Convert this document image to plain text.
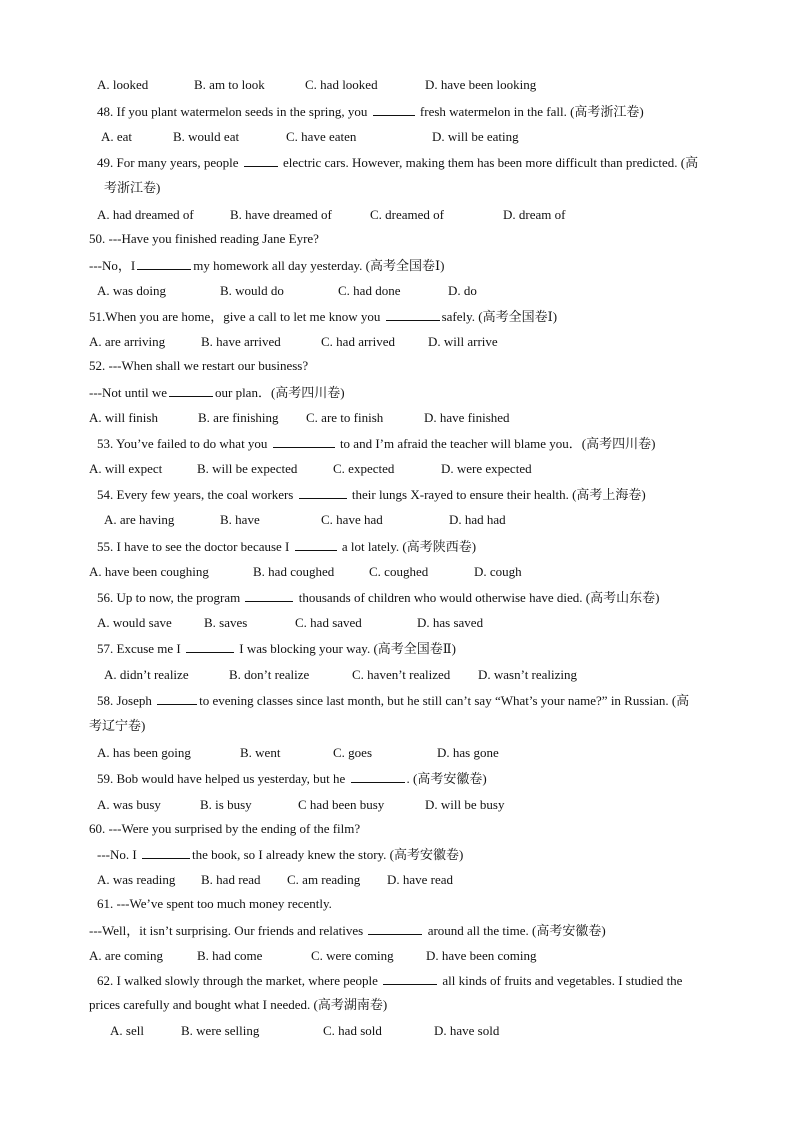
A. looked	B. am to look	C. had looked	D. have been looking
48. If you plant watermelon seeds in the spring, you	fresh watermelon in the fall. (高考浙江卷)
A. eat	B. would eat	C. have eaten	D. will be eating
49. For many years, people	electric cars. However, making them has been more difficult than predicted. (高
考浙江卷)
A. had dreamed of	B. have dreamed of	C. dreamed of	D. dream of
50. ---Have you finished reading Jane Eyre?
---No，I	my homework all day yesterday. (高考全国卷Ⅰ)
A. was doing	B. would do	C. had done	D. do
51.When you are home，give a call to let me know you	safely. (高考全国卷Ⅰ)
A. are arriving	B. have arrived	C. had arrived	D. will arrive
52. ---When shall we restart our business?
---Not until we	our plan．(高考四川卷)
A. will finish	B. are finishing C. are to finish	D. have finished
53. You’ve failed to do what you	to and I’m afraid the teacher will blame you．(高考四川卷)
A. will expect	B. will be expected	C. expected	D. were expected
54. Every few years, the coal workers	their lungs X-rayed to ensure their health. (高考上海卷)
A. are having	B. have	C. have had	D. had had
55. I have to see the doctor because I	a lot lately. (高考陕西卷)
A. have been coughing	B. had coughed	C. coughed	D. cough
56. Up to now, the program	thousands of children who would otherwise have died. (高考山东卷)
A. would save B. saves	C. had saved	D. has saved
57. Excuse me I	I was blocking your way. (高考全国卷Ⅱ)
A. didn’t realize	B. don’t realize	C. haven’t realized D. wasn’t realizing
58. Joseph	to evening classes since last month, but he still can’t say “What’s your name?” in Russian. (高
考辽宁卷)
A. has been going	B. went	C. goes	D. has gone
59. Bob would have helped us yesterday, but he	. (高考安徽卷)
A. was busy	B. is busy	C had been busy	D. will be busy
60. ---Were you surprised by the ending of the film?
---No. I	the book, so I already knew the story. (高考安徽卷)
A. was reading B. had read C. am reading D. have read
61. ---We’ve spent too much money recently.
---Well，it isn’t surprising. Our friends and relatives	around all the time. (高考安徽卷)
A. are coming	B. had come	C. were coming D. have been coming
62. I walked slowly through the market, where people	all kinds of fruits and vegetables. I studied the
prices carefully and bought what I needed. (高考湖南卷)
A. sell	B. were selling	C. had sold	D. have sold
